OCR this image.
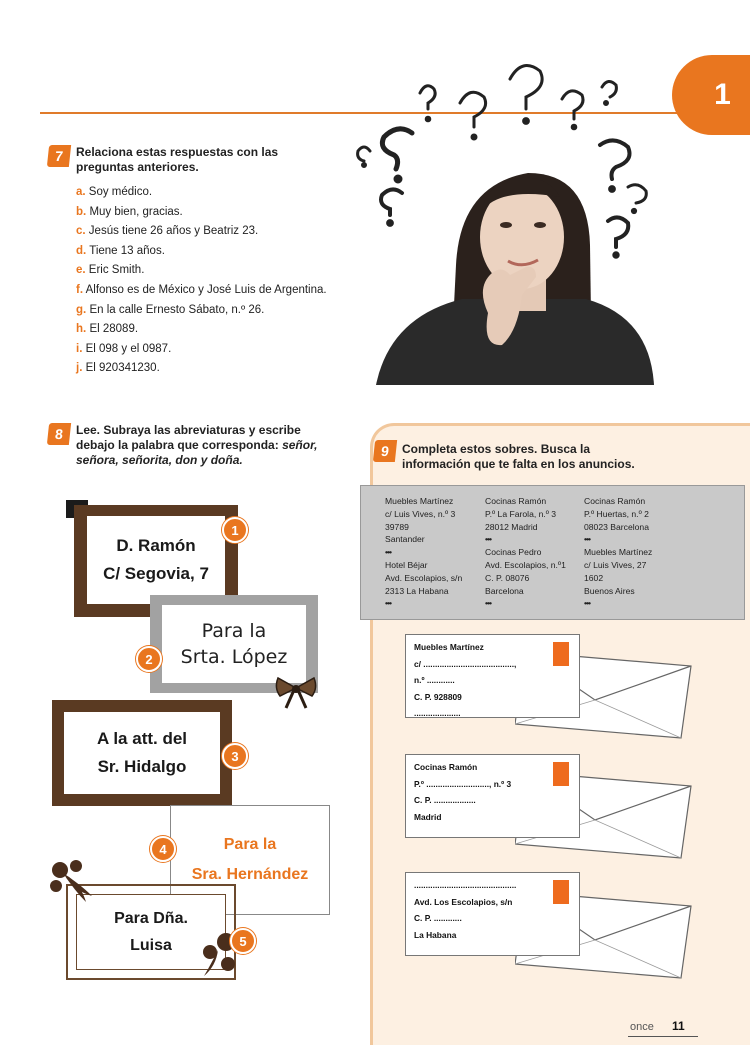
1
7 Relaciona estas respuestas con las preguntas anteriores.
a. Soy médico.
b. Muy bien, gracias.
c. Jesús tiene 26 años y Beatriz 23.
d. Tiene 13 años.
e. Eric Smith.
f. Alfonso es de México y José Luis de Argentina.
g. En la calle Ernesto Sábato, n.º 26.
h. El 28089.
i. El 098 y el 0987.
j. El 920341230.
8 Lee. Subraya las abreviaturas y escribe debajo la palabra que corresponda: señor, señora, señorita, don y doña.
D. Ramón
C/ Segovia, 7
1
Para la
Srta. López
2
A la att. del
Sr. Hidalgo
3
Para la
Sra. Hernández
4
Para Dña.
Luisa	5
9 Completa estos sobres. Busca la información que te falta en los anuncios.
Muebles Martínez
c/ Luis Vives, n.º 3
39789
Santander
•••
Hotel Béjar
Avd. Escolapios, s/n
2313 La Habana
•••
Cocinas Ramón
P.º La Farola, n.º 3
28012 Madrid
•••
Cocinas Pedro
Avd. Escolapios, n.º1
C. P. 08076
Barcelona
•••
Cocinas Ramón
P.º Huertas, n.º 2
08023 Barcelona
•••
Muebles Martínez
c/ Luis Vives, 27
1602
Buenos Aires
•••
Muebles Martínez
c/ .......................................,
n.º ............
C. P. 928809
....................
Cocinas Ramón
P.º ..........................., n.º 3
C. P. ..................
Madrid
............................................
Avd. Los Escolapios, s/n
C. P. ............
La Habana
once 11
